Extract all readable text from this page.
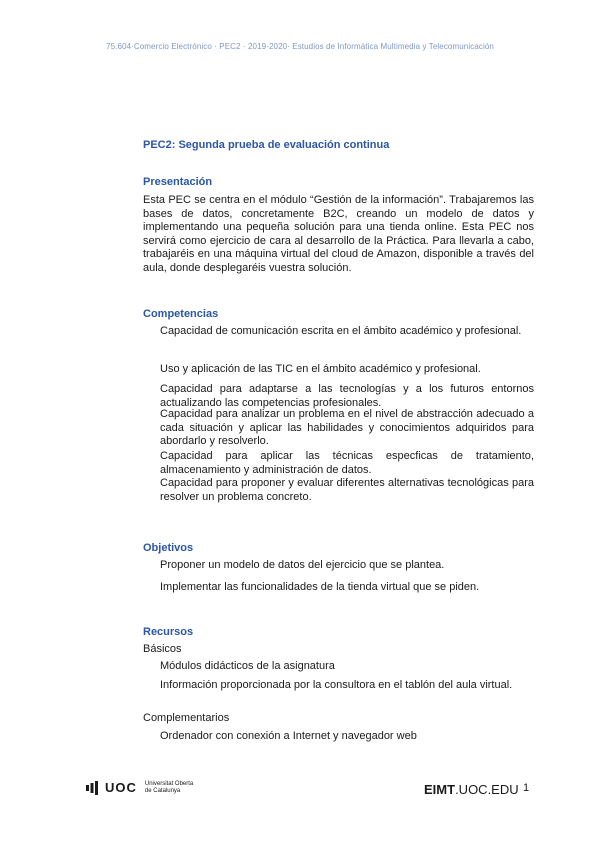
75.604·Comercio Electrónico · PEC2 · 2019-2020· Estudios de Informática Multimedia y Telecomunicación
PEC2: Segunda prueba de evaluación continua
Presentación
Esta PEC se centra en el módulo “Gestión de la información”. Trabajaremos las bases de datos, concretamente B2C, creando un modelo de datos y implementando una pequeña solución para una tienda online. Esta PEC nos servirá como ejercicio de cara al desarrollo de la Práctica. Para llevarla a cabo, trabajaréis en una máquina virtual del cloud de Amazon, disponible a través del aula, donde desplegaréis vuestra solución.
Competencias
Capacidad de comunicación escrita en el ámbito académico y profesional.
Uso y aplicación de las TIC en el ámbito académico y profesional.
Capacidad para adaptarse a las tecnologías y a los futuros entornos actualizando las competencias profesionales.
Capacidad para analizar un problema en el nivel de abstracción adecuado a cada situación y aplicar las habilidades y conocimientos adquiridos para abordarlo y resolverlo.
Capacidad para aplicar las técnicas especficas de tratamiento, almacenamiento y administración de datos.
Capacidad para proponer y evaluar diferentes alternativas tecnológicas para resolver un problema concreto.
Objetivos
Proponer un modelo de datos del ejercicio que se plantea.
Implementar las funcionalidades de la tienda virtual que se piden.
Recursos
Básicos
Módulos didácticos de la asignatura
Información proporcionada por la consultora en el tablón del aula virtual.
Complementarios
Ordenador con conexión a Internet y navegador web
UOC Universitat Oberta
de Catalunya	EIMT.UOC.EDU 1
